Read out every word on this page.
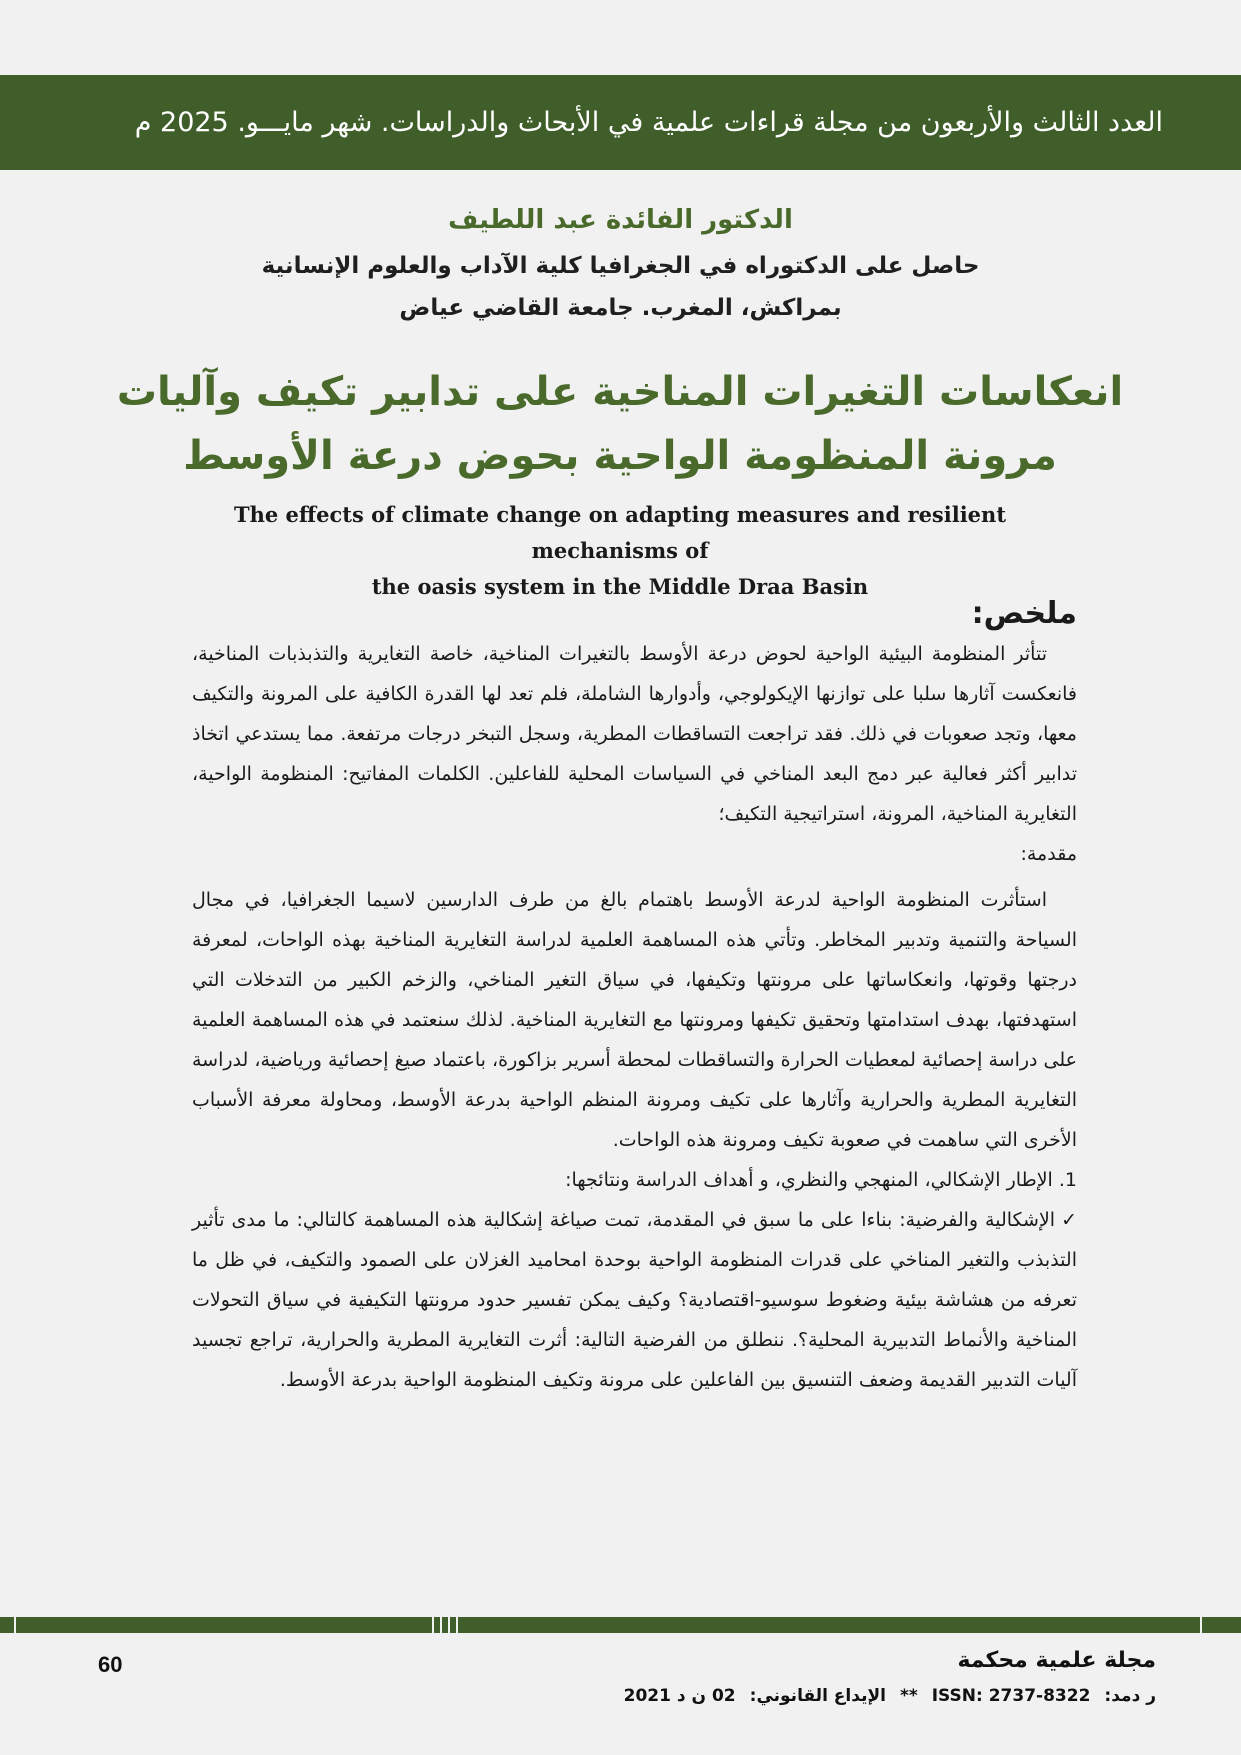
العدد الثالث والأربعون من مجلة قراءات علمية في الأبحاث والدراسات. شهر مايـــو. 2025 م

الدكتور الفائدة عبد اللطيف

حاصل على الدكتوراه في الجغرافيا كلية الآداب والعلوم الإنسانية

بمراكش، المغرب. جامعة القاضي عياض

انعكاسات التغيرات المناخية على تدابير تكيف وآليات
مرونة المنظومة الواحية بحوض درعة الأوسط
The effects of climate change on adapting measures and resilient mechanisms of
the oasis system in the Middle Draa Basin

ملخص:

تتأثر المنظومة البيئية الواحية لحوض درعة الأوسط بالتغيرات المناخية، خاصة التغايرية والتذبذبات المناخية، فانعكست آثارها سلبا على توازنها الإيكولوجي، وأدوارها الشاملة، فلم تعد لها القدرة الكافية على المرونة والتكيف معها، وتجد صعوبات في ذلك. فقد تراجعت التساقطات المطرية، وسجل التبخر درجات مرتفعة. مما يستدعي اتخاذ تدابير أكثر فعالية عبر دمج البعد المناخي في السياسات المحلية للفاعلين. الكلمات المفاتيح: المنظومة الواحية، التغايرية المناخية، المرونة، استراتيجية التكيف؛

مقدمة:

استأثرت المنظومة الواحية لدرعة الأوسط باهتمام بالغ من طرف الدارسين لاسيما الجغرافيا، في مجال السياحة والتنمية وتدبير المخاطر. وتأتي هذه المساهمة العلمية لدراسة التغايرية المناخية بهذه الواحات، لمعرفة درجتها وقوتها، وانعكاساتها على مرونتها وتكيفها، في سياق التغير المناخي، والزخم الكبير من التدخلات التي استهدفتها، بهدف استدامتها وتحقيق تكيفها ومرونتها مع التغايرية المناخية. لذلك سنعتمد في هذه المساهمة العلمية على دراسة إحصائية لمعطيات الحرارة والتساقطات لمحطة أسرير بزاكورة، باعتماد صيغ إحصائية ورياضية، لدراسة التغايرية المطرية والحرارية وآثارها على تكيف ومرونة المنظم الواحية بدرعة الأوسط، ومحاولة معرفة الأسباب الأخرى التي ساهمت في صعوبة تكيف ومرونة هذه الواحات.

1. الإطار الإشكالي، المنهجي والنظري، و أهداف الدراسة ونتائجها:

✓الإشكالية والفرضية: بناءا على ما سبق في المقدمة، تمت صياغة إشكالية هذه المساهمة كالتالي: ما مدى تأثير التذبذب والتغير المناخي على قدرات المنظومة الواحية بوحدة امحاميد الغزلان على الصمود والتكيف، في ظل ما تعرفه من هشاشة بيئية وضغوط سوسيو-اقتصادية؟ وكيف يمكن تفسير حدود مرونتها التكيفية في سياق التحولات المناخية والأنماط التدبيرية المحلية؟. ننطلق من الفرضية التالية: أثرت التغايرية المطرية والحرارية، تراجع تجسيد آليات التدبير القديمة وضعف التنسيق بين الفاعلين على مرونة وتكيف المنظومة الواحية بدرعة الأوسط.

مجلة علمية محكمة

ر دمد:
ISSN: 2737-8322
**
الإيداع القانوني:
02 ن د 2021
60
